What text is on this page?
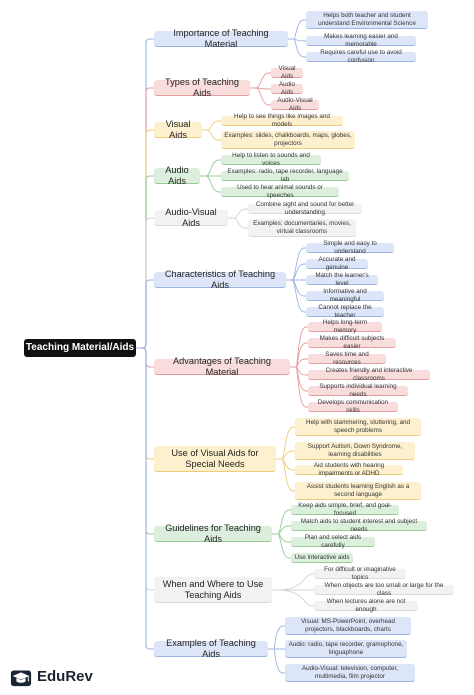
Teaching Material/Aids
Importance of Teaching Material
Helps both teacher and student understand Environmental Science
Makes learning easier and memorable
Requires careful use to avoid confusion
Types of Teaching Aids
Visual Aids
Audio Aids
Audio-Visual Aids
Visual Aids
Help to see things like images and models
Examples: slides, chalkboards, maps, globes, projectors
Audio Aids
Help to listen to sounds and voices
Examples: radio, tape recorder, language lab
Used to hear animal sounds or speeches
Audio-Visual Aids
Combine sight and sound for better understanding
Examples: documentaries, movies, virtual classrooms
Characteristics of Teaching Aids
Simple and easy to understand
Accurate and genuine
Match the learner's level
Informative and meaningful
Cannot replace the teacher
Advantages of Teaching Material
Helps long-term memory
Makes difficult subjects easier
Saves time and resources
Creates friendly and interactive classrooms
Supports individual learning needs
Develops communication skills
Use of Visual Aids for Special Needs
Help with stammering, stuttering, and speech problems
Support Autism, Down Syndrome, learning disabilities
Aid students with hearing impairments or ADHD
Assist students learning English as a second language
Guidelines for Teaching Aids
Keep aids simple, brief, and goal-focused
Match aids to student interest and subject needs
Plan and select aids carefully
Use interactive aids
When and Where to Use Teaching Aids
For difficult or imaginative topics
When objects are too small or large for the class
When lectures alone are not enough
Examples of Teaching Aids
Visual: MS-PowerPoint, overhead projectors, blackboards, charts
Audio: radio, tape recorder, gramophone, linguaphone
Audio-Visual: television, computer, multimedia, film projector
EduRev
